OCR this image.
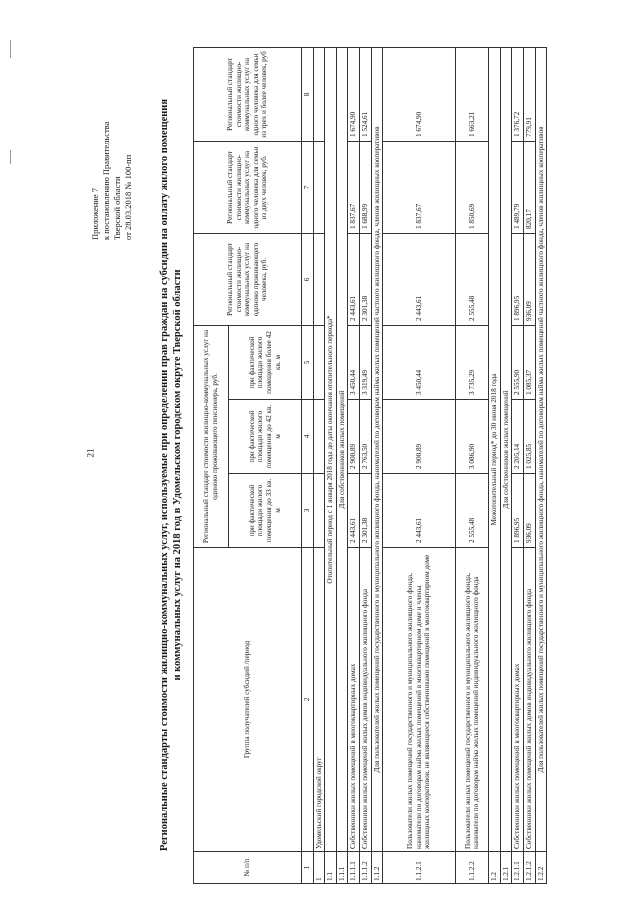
21
Приложение 7 к постановлению Правительства Тверской области от 28.03.2018 № 100-пп Региональные стандарты стоимости жилищно-коммунальных услуг, используемые при определении прав граждан на субсидии на оплату жилого помещения и коммунальных услуг на 2018 год в Удомельском городском округе Тверской области
№ п/п	Группа получателей субсидий /период	Региональный стандарт стоимости жилищно-коммунальных услуг на одиноко проживающего пенсионера, руб.			Региональный стандарт стоимости жилищно-коммунальных услуг на одиноко проживающего человека, руб.	Региональный стандарт стоимости жилищно-коммунальных услуг на одного человека для семьи из двух человек, руб.	Региональный стандарт стоимости жилищно-коммунальных услуг на одного человека для семьи из трех и более человек, руб
		при фактической площади жилого помещения до 33 кв. м	при фактической площади жилого помещения до 42 кв. м	при фактической площади жилого помещения более 42 кв. м			
1	2	3	4	5	6	7	8
1	Удомельский городской округ						
1.1	Отопительный период с 1 января 2018 года до даты окончания отопительного периода*						
1.1.1	Для собственников жилых помещений						
1.1.1.1	Собственники жилых помещений в многоквартирных домах	2 443,61	2 900,89	3 450,44	2 443,61	1 837,67	1 674,90
1.1.1.2	Собственники жилых помещений жилых домов индивидуального жилищного фонда	2 301,38	2 763,50	3 319,49	2 301,38	1 688,99	1 524,61
1.1.2	Для пользователей жилых помещений государственного и муниципального жилищного фонда, нанимателей по договорам найма жилых помещений частного жилищного фонда, членов жилищных кооперативов						
1.1.2.1	Пользователи жилых помещений государственного и муниципального жилищного фонда, наниматели по договорам найма жилых помещений в многоквартирном доме и члены жилищных кооперативов, не являющиеся собственниками помещений в многоквартирном доме	2 443,61	2 900,89	3 450,44	2 443,61	1 837,67	1 674,90
1.1.2.2	Пользователи жилых помещений государственного и муниципального жилищного фонда, наниматели по договорам найма жилых помещений индивидуального жилищного фонда	2 555,48	3 086,90	3 735,29	2 555,48	1 850,69	1 663,21
1.2	Межотопительный период* до 30 июня 2018 года						
1.2.1	Для собственников жилых помещений						
1.2.1.1	Собственники жилых помещений в многоквартирных домах	1 896,95	2 205,14	2 555,90	1 896,95	1 489,79	1 376,72
1.2.1.2	Собственники жилых помещений жилых домов индивидуального жилищного фонда	936,09	1 025,85	1 085,37	936,09	820,17	779,91
1.2.2	Для пользователей жилых помещений государственного и муниципального жилищного фонда, нанимателей по договорам найма жилых помещений частного жилищного фонда, членов жилищных кооперативов						
